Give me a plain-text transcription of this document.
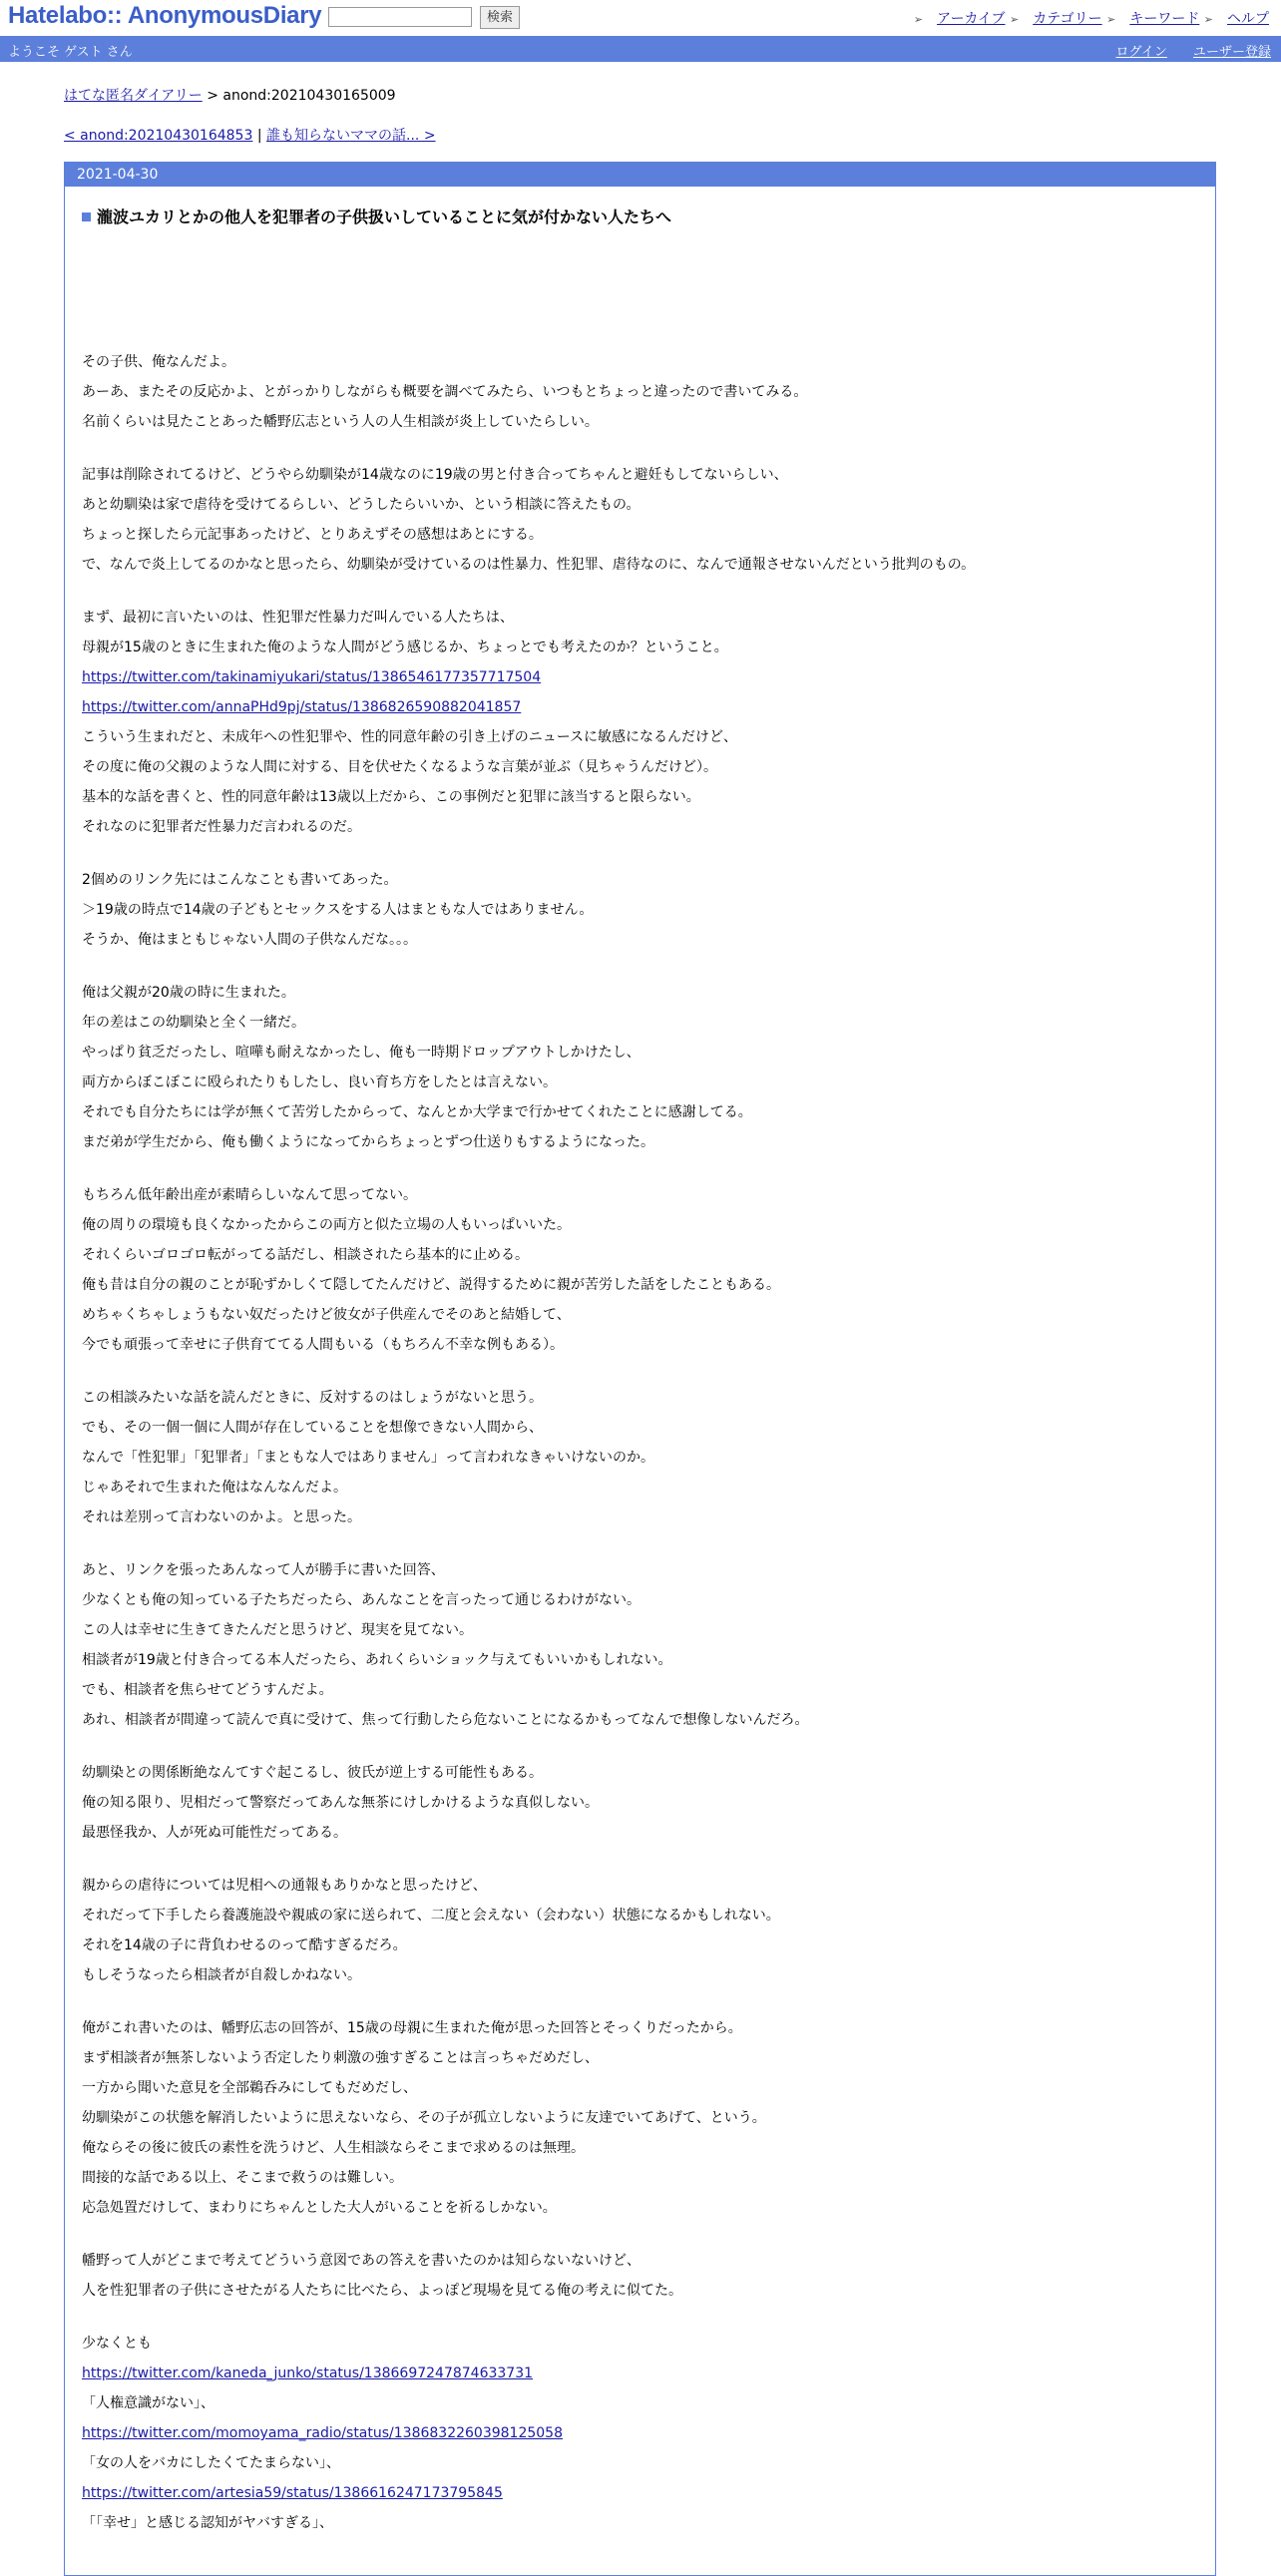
Hatelabo:: AnonymousDiary	検索	➢ アーカイブ ➢ カテゴリー ➢ キーワード ➢ ヘルプ
ようこそ ゲスト さん	ログイン ユーザー登録
はてな匿名ダイアリー > anond:20210430165009
< anond:20210430164853 | 誰も知らないママの話... >
2021-04-30
瀧波ユカリとかの他人を犯罪者の子供扱いしていることに気が付かない人たちへ
その子供、俺なんだよ。
あーあ、またその反応かよ、とがっかりしながらも概要を調べてみたら、いつもとちょっと違ったので書いてみる。
名前くらいは見たことあった幡野広志という人の人生相談が炎上していたらしい。
記事は削除されてるけど、どうやら幼馴染が14歳なのに19歳の男と付き合ってちゃんと避妊もしてないらしい、
あと幼馴染は家で虐待を受けてるらしい、どうしたらいいか、という相談に答えたもの。
ちょっと探したら元記事あったけど、とりあえずその感想はあとにする。
で、なんで炎上してるのかなと思ったら、幼馴染が受けているのは性暴力、性犯罪、虐待なのに、なんで通報させないんだという批判のもの。
まず、最初に言いたいのは、性犯罪だ性暴力だ叫んでいる人たちは、
母親が15歳のときに生まれた俺のような人間がどう感じるか、ちょっとでも考えたのか？ということ。
https://twitter.com/takinamiyukari/status/1386546177357717504
https://twitter.com/annaPHd9pj/status/1386826590882041857
こういう生まれだと、未成年への性犯罪や、性的同意年齢の引き上げのニュースに敏感になるんだけど、
その度に俺の父親のような人間に対する、目を伏せたくなるような言葉が並ぶ（見ちゃうんだけど）。
基本的な話を書くと、性的同意年齢は13歳以上だから、この事例だと犯罪に該当すると限らない。
それなのに犯罪者だ性暴力だ言われるのだ。
2個めのリンク先にはこんなことも書いてあった。
＞19歳の時点で14歳の子どもとセックスをする人はまともな人ではありません。
そうか、俺はまともじゃない人間の子供なんだな。。。
俺は父親が20歳の時に生まれた。
年の差はこの幼馴染と全く一緒だ。
やっぱり貧乏だったし、喧嘩も耐えなかったし、俺も一時期ドロップアウトしかけたし、
両方からぼこぼこに殴られたりもしたし、良い育ち方をしたとは言えない。
それでも自分たちには学が無くて苦労したからって、なんとか大学まで行かせてくれたことに感謝してる。
まだ弟が学生だから、俺も働くようになってからちょっとずつ仕送りもするようになった。
もちろん低年齢出産が素晴らしいなんて思ってない。
俺の周りの環境も良くなかったからこの両方と似た立場の人もいっぱいいた。
それくらいゴロゴロ転がってる話だし、相談されたら基本的に止める。
俺も昔は自分の親のことが恥ずかしくて隠してたんだけど、説得するために親が苦労した話をしたこともある。
めちゃくちゃしょうもない奴だったけど彼女が子供産んでそのあと結婚して、
今でも頑張って幸せに子供育ててる人間もいる（もちろん不幸な例もある）。
この相談みたいな話を読んだときに、反対するのはしょうがないと思う。
でも、その一個一個に人間が存在していることを想像できない人間から、
なんで「性犯罪」「犯罪者」「まともな人ではありません」って言われなきゃいけないのか。
じゃあそれで生まれた俺はなんなんだよ。
それは差別って言わないのかよ。と思った。
あと、リンクを張ったあんなって人が勝手に書いた回答、
少なくとも俺の知っている子たちだったら、あんなことを言ったって通じるわけがない。
この人は幸せに生きてきたんだと思うけど、現実を見てない。
相談者が19歳と付き合ってる本人だったら、あれくらいショック与えてもいいかもしれない。
でも、相談者を焦らせてどうすんだよ。
あれ、相談者が間違って読んで真に受けて、焦って行動したら危ないことになるかもってなんで想像しないんだろ。
幼馴染との関係断絶なんてすぐ起こるし、彼氏が逆上する可能性もある。
俺の知る限り、児相だって警察だってあんな無茶にけしかけるような真似しない。
最悪怪我か、人が死ぬ可能性だってある。
親からの虐待については児相への通報もありかなと思ったけど、
それだって下手したら養護施設や親戚の家に送られて、二度と会えない（会わない）状態になるかもしれない。
それを14歳の子に背負わせるのって酷すぎるだろ。
もしそうなったら相談者が自殺しかねない。
俺がこれ書いたのは、幡野広志の回答が、15歳の母親に生まれた俺が思った回答とそっくりだったから。
まず相談者が無茶しないよう否定したり刺激の強すぎることは言っちゃだめだし、
一方から聞いた意見を全部鵜呑みにしてもだめだし、
幼馴染がこの状態を解消したいように思えないなら、その子が孤立しないように友達でいてあげて、という。
俺ならその後に彼氏の素性を洗うけど、人生相談ならそこまで求めるのは無理。
間接的な話である以上、そこまで救うのは難しい。
応急処置だけして、まわりにちゃんとした大人がいることを祈るしかない。
幡野って人がどこまで考えてどういう意図であの答えを書いたのかは知らないないけど、
人を性犯罪者の子供にさせたがる人たちに比べたら、よっぽど現場を見てる俺の考えに似てた。
少なくとも
https://twitter.com/kaneda_junko/status/1386697247874633731
「人権意識がない」、
https://twitter.com/momoyama_radio/status/1386832260398125058
「女の人をバカにしたくてたまらない」、
https://twitter.com/artesia59/status/1386616247173795845
「「幸せ」と感じる認知がヤバすぎる」、
